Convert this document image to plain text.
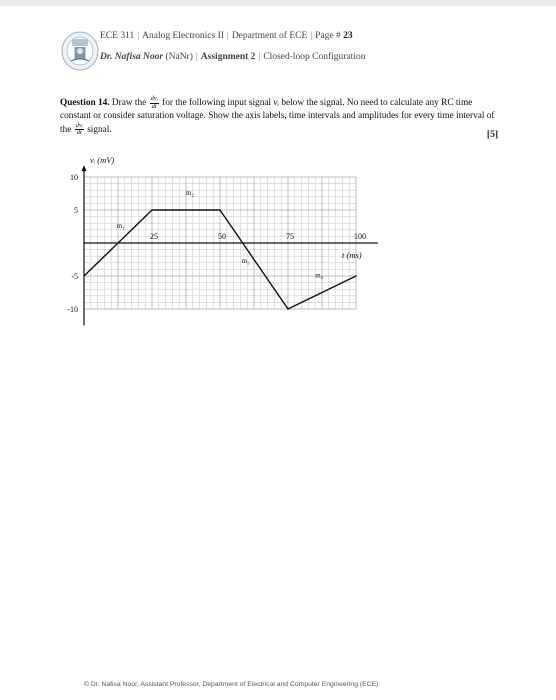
ECE 311 | Analog Electronics II | Department of ECE | Page # 23
Dr. Nafisa Noor (NaNr) | Assignment 2 | Closed-loop Configuration
Question 14. Draw the $\frac{\text{dvᵢ}}{dt}$ for the following input signal vᵢ below the signal. No need to calculate any RC time constant or consider saturation voltage. Show the axis labels, time intervals and amplitudes for every time interval of the $\frac{\text{dvᵢ}}{dt}$ signal.
[5]
25	50	75	100
10
5
-5
-10
m₁
m₂
m₃
m₄
vᵢ (mV)
t (ms)
© Dr. Nafisa Noor, Assistant Professor, Department of Electrical and Computer Engineering (ECE)
